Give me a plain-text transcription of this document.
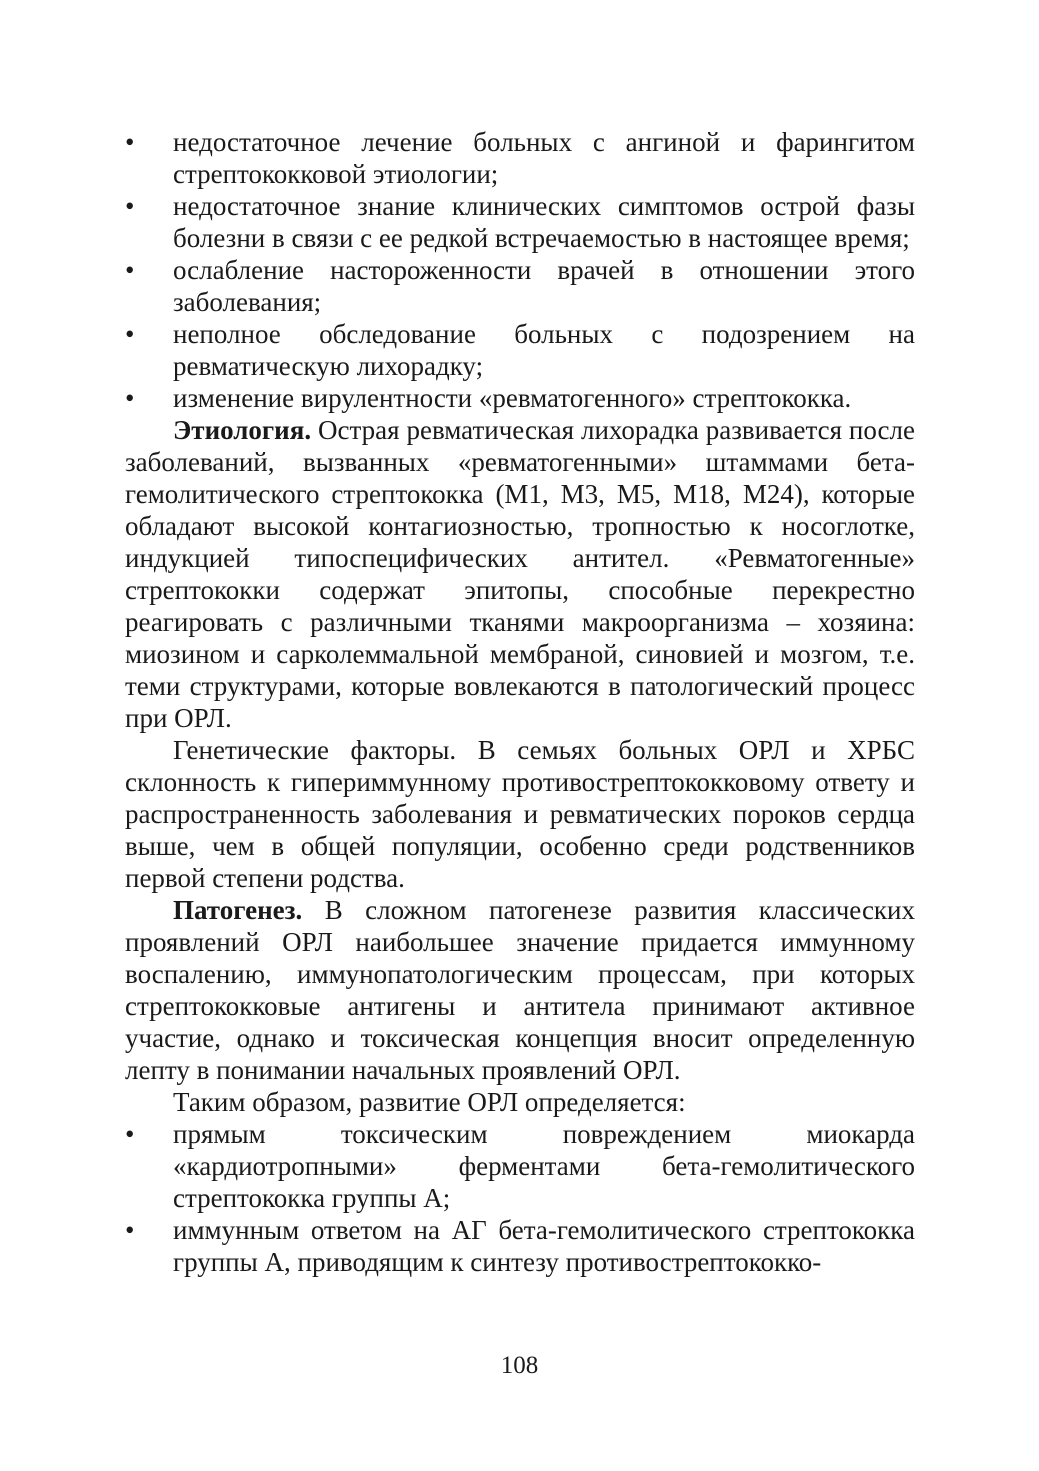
•	недостаточное лечение больных с ангиной и фарингитом стрептококковой этиологии;
•	недостаточное знание клинических симптомов острой фазы болезни в связи с ее редкой встречаемостью в настоящее время;
•	ослабление настороженности врачей в отношении этого заболевания;
•	неполное обследование больных с подозрением на ревматическую лихорадку;
•	изменение вирулентности «ревматогенного» стрептококка.

Этиология. Острая ревматическая лихорадка развивается после заболеваний, вызванных «ревматогенными» штаммами бета-гемолитического стрептококка (М1, М3, М5, М18, М24), которые обладают высокой контагиозностью, тропностью к носоглотке, индукцией типоспецифических антител. «Ревматогенные» стрептококки содержат эпитопы, способные перекрестно реагировать с различными тканями макроорганизма – хозяина: миозином и сарколеммальной мембраной, синовией и мозгом, т.е. теми структурами, которые вовлекаются в патологический процесс при ОРЛ.

Генетические факторы. В семьях больных ОРЛ и ХРБС склонность к гипериммунному противострептококковому ответу и распространенность заболевания и ревматических пороков сердца выше, чем в общей популяции, особенно среди родственников первой степени родства.

Патогенез. В сложном патогенезе развития классических проявлений ОРЛ наибольшее значение придается иммунному воспалению, иммунопатологическим процессам, при которых стрептококковые антигены и антитела принимают активное участие, однако и токсическая концепция вносит определенную лепту в понимании начальных проявлений ОРЛ.

Таким образом, развитие ОРЛ определяется:

•	прямым токсическим повреждением миокарда «кардиотропными» ферментами бета-гемолитического стрептококка группы А;
•	иммунным ответом на АГ бета-гемолитического стрептококка группы А, приводящим к синтезу противострептококко-
108
